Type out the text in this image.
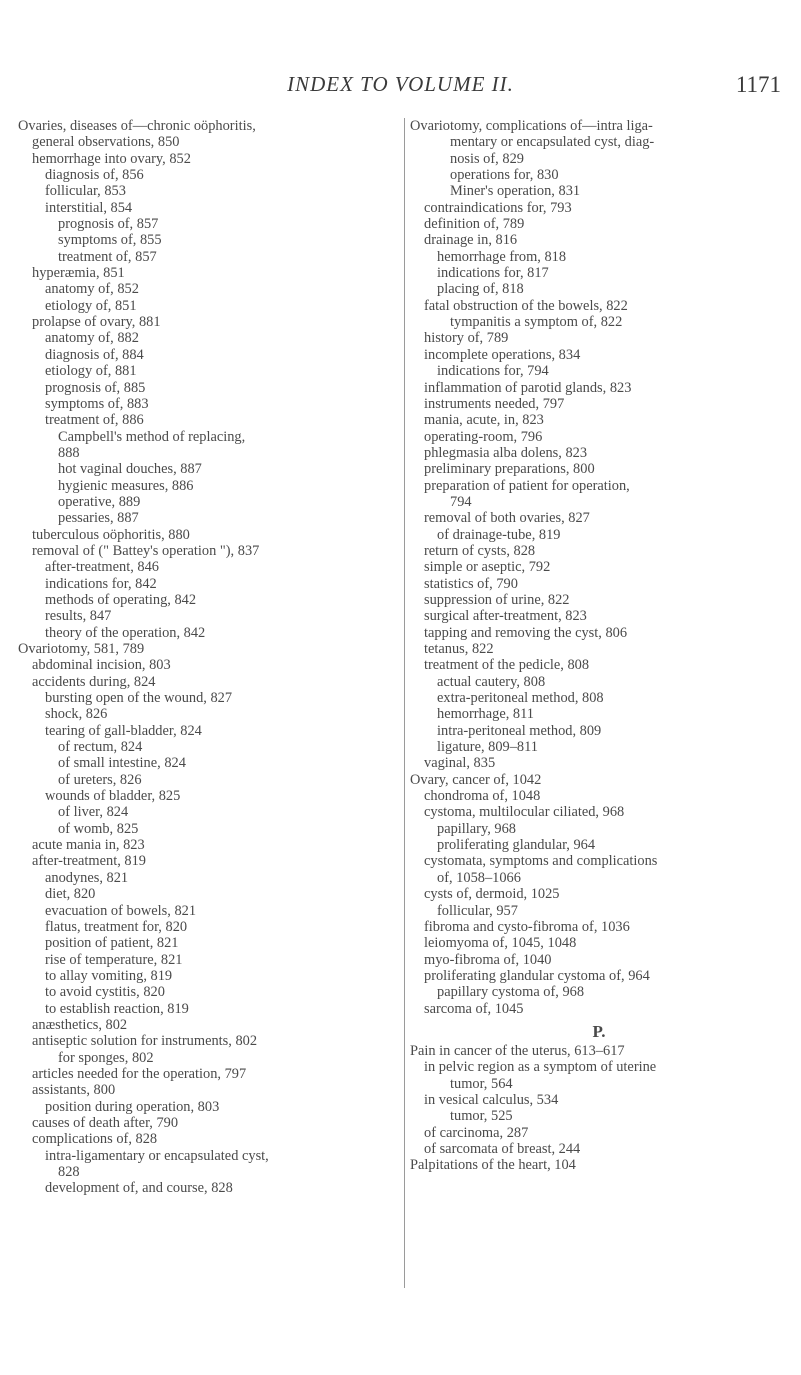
INDEX TO VOLUME II.	1171
Ovaries, diseases of—chronic oöphoritis,
general observations, 850
hemorrhage into ovary, 852
diagnosis of, 856
follicular, 853
interstitial, 854
prognosis of, 857
symptoms of, 855
treatment of, 857
hyperæmia, 851
anatomy of, 852
etiology of, 851
prolapse of ovary, 881
anatomy of, 882
diagnosis of, 884
etiology of, 881
prognosis of, 885
symptoms of, 883
treatment of, 886
Campbell's method of replacing,
888
hot vaginal douches, 887
hygienic measures, 886
operative, 889
pessaries, 887
tuberculous oöphoritis, 880
removal of (" Battey's operation "), 837
after-treatment, 846
indications for, 842
methods of operating, 842
results, 847
theory of the operation, 842
Ovariotomy, 581, 789
abdominal incision, 803
accidents during, 824
bursting open of the wound, 827
shock, 826
tearing of gall-bladder, 824
of rectum, 824
of small intestine, 824
of ureters, 826
wounds of bladder, 825
of liver, 824
of womb, 825
acute mania in, 823
after-treatment, 819
anodynes, 821
diet, 820
evacuation of bowels, 821
flatus, treatment for, 820
position of patient, 821
rise of temperature, 821
to allay vomiting, 819
to avoid cystitis, 820
to establish reaction, 819
anæsthetics, 802
antiseptic solution for instruments, 802
for sponges, 802
articles needed for the operation, 797
assistants, 800
position during operation, 803
causes of death after, 790
complications of, 828
intra-ligamentary or encapsulated cyst,
828
development of, and course, 828
Ovariotomy, complications of—intra liga-
mentary or encapsulated cyst, diag-
nosis of, 829
operations for, 830
Miner's operation, 831
contraindications for, 793
definition of, 789
drainage in, 816
hemorrhage from, 818
indications for, 817
placing of, 818
fatal obstruction of the bowels, 822
tympanitis a symptom of, 822
history of, 789
incomplete operations, 834
indications for, 794
inflammation of parotid glands, 823
instruments needed, 797
mania, acute, in, 823
operating-room, 796
phlegmasia alba dolens, 823
preliminary preparations, 800
preparation of patient for operation,
794
removal of both ovaries, 827
of drainage-tube, 819
return of cysts, 828
simple or aseptic, 792
statistics of, 790
suppression of urine, 822
surgical after-treatment, 823
tapping and removing the cyst, 806
tetanus, 822
treatment of the pedicle, 808
actual cautery, 808
extra-peritoneal method, 808
hemorrhage, 811
intra-peritoneal method, 809
ligature, 809–811
vaginal, 835
Ovary, cancer of, 1042
chondroma of, 1048
cystoma, multilocular ciliated, 968
papillary, 968
proliferating glandular, 964
cystomata, symptoms and complications
of, 1058–1066
cysts of, dermoid, 1025
follicular, 957
fibroma and cysto-fibroma of, 1036
leiomyoma of, 1045, 1048
myo-fibroma of, 1040
proliferating glandular cystoma of, 964
papillary cystoma of, 968
sarcoma of, 1045
P.
Pain in cancer of the uterus, 613–617
in pelvic region as a symptom of uterine
tumor, 564
in vesical calculus, 534
tumor, 525
of carcinoma, 287
of sarcomata of breast, 244
Palpitations of the heart, 104
